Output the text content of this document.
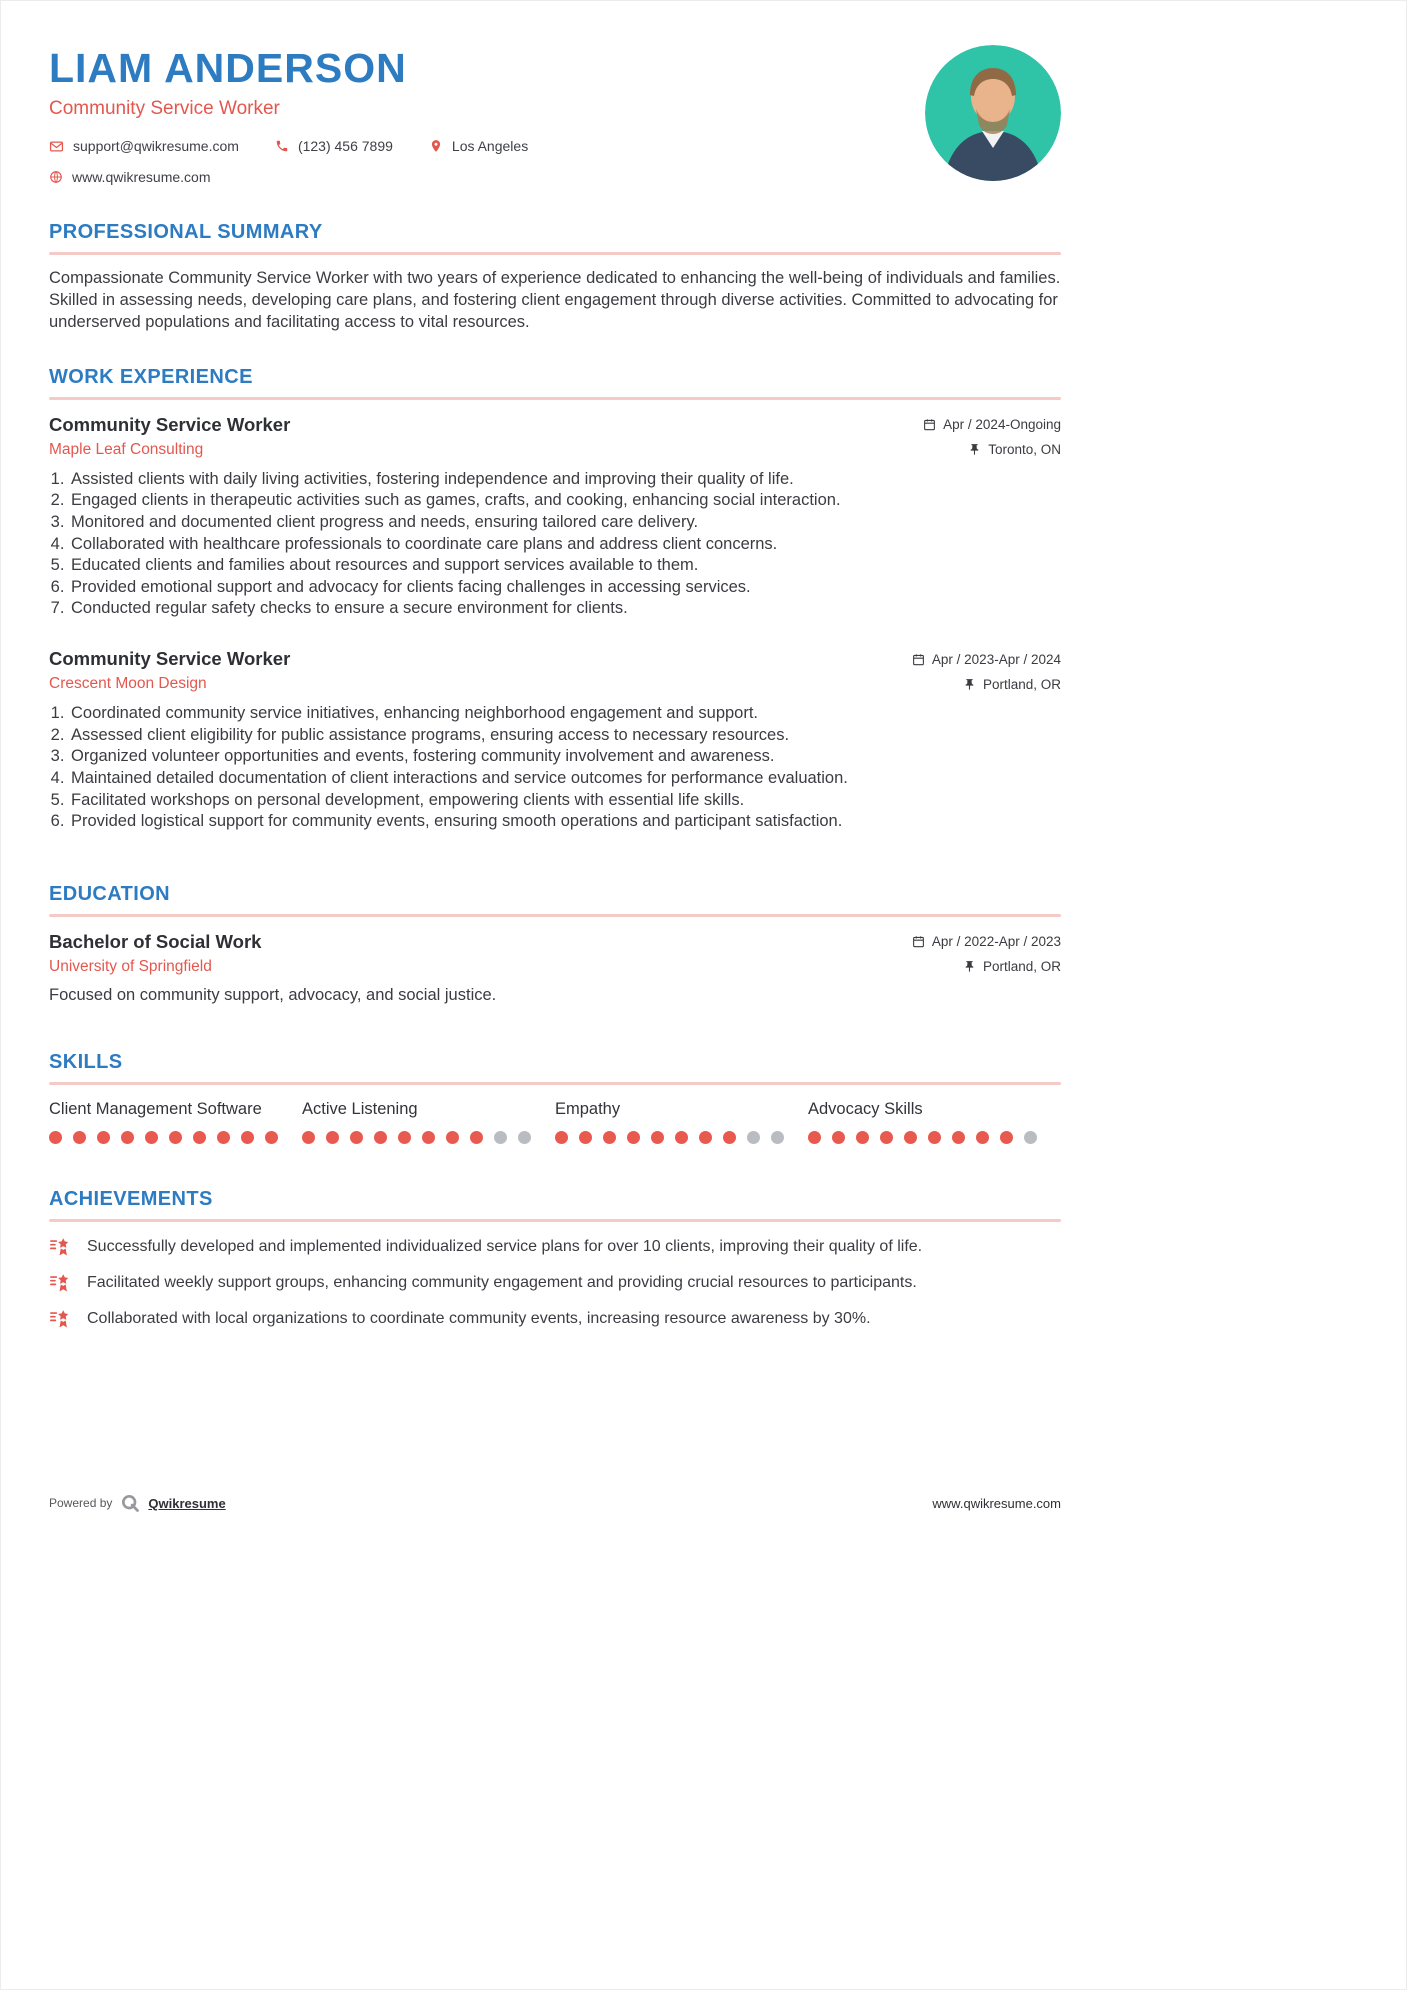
LIAM ANDERSON
Community Service Worker
support@qwikresume.com	(123) 456 7899	Los Angeles
www.qwikresume.com
PROFESSIONAL SUMMARY

Compassionate Community Service Worker with two years of experience dedicated to enhancing the well-being of individuals and families. Skilled in assessing needs, developing care plans, and fostering client engagement through diverse activities. Committed to advocating for underserved populations and facilitating access to vital resources.

WORK EXPERIENCE
Community Service Worker	Apr / 2024-Ongoing
Maple Leaf Consulting	Toronto, ON
1. Assisted clients with daily living activities, fostering independence and improving their quality of life.
2. Engaged clients in therapeutic activities such as games, crafts, and cooking, enhancing social interaction.
3. Monitored and documented client progress and needs, ensuring tailored care delivery.
4. Collaborated with healthcare professionals to coordinate care plans and address client concerns.
5. Educated clients and families about resources and support services available to them.
6. Provided emotional support and advocacy for clients facing challenges in accessing services.
7. Conducted regular safety checks to ensure a secure environment for clients.
Community Service Worker	Apr / 2023-Apr / 2024
Crescent Moon Design	Portland, OR
1. Coordinated community service initiatives, enhancing neighborhood engagement and support.
2. Assessed client eligibility for public assistance programs, ensuring access to necessary resources.
3. Organized volunteer opportunities and events, fostering community involvement and awareness.
4. Maintained detailed documentation of client interactions and service outcomes for performance evaluation.
5. Facilitated workshops on personal development, empowering clients with essential life skills.
6. Provided logistical support for community events, ensuring smooth operations and participant satisfaction.
EDUCATION
Bachelor of Social Work	Apr / 2022-Apr / 2023
University of Springfield	Portland, OR

Focused on community support, advocacy, and social justice.

SKILLS
Client Management Software	Active Listening	Empathy	Advocacy Skills
ACHIEVEMENTS

Successfully developed and implemented individualized service plans for over 10 clients, improving their quality of life.

Facilitated weekly support groups, enhancing community engagement and providing crucial resources to participants.

Collaborated with local organizations to coordinate community events, increasing resource awareness by 30%.

Powered by	Qwikresume	www.qwikresume.com
